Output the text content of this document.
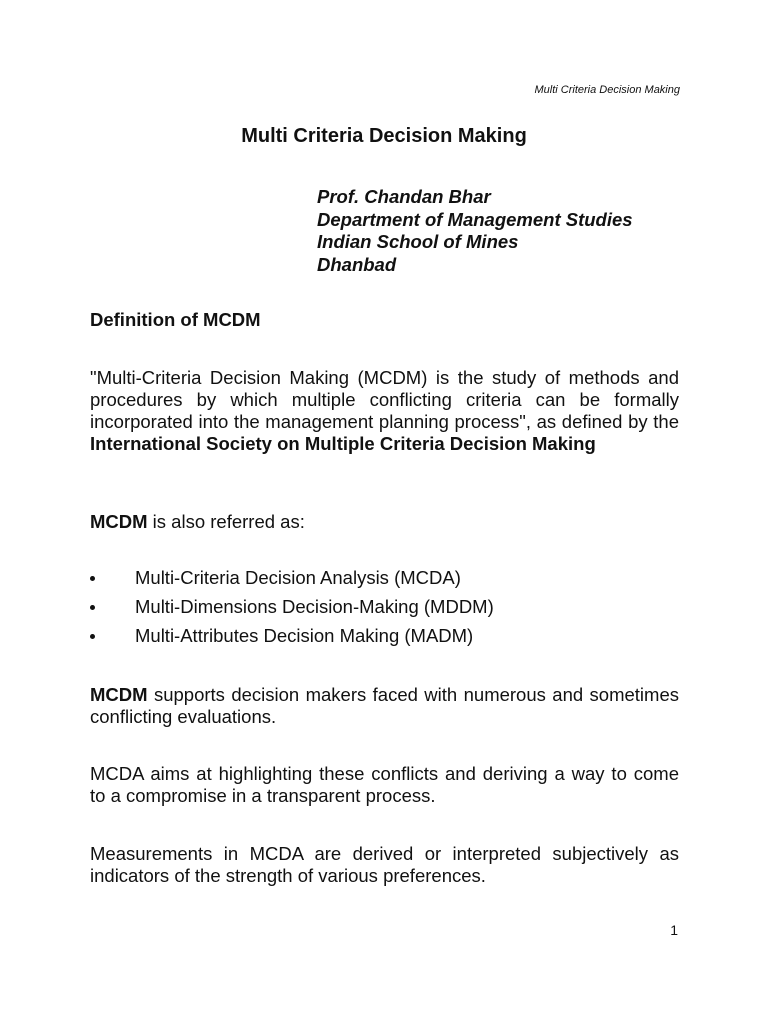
Multi Criteria Decision Making
Multi Criteria Decision Making
Prof. Chandan Bhar
Department of Management Studies
Indian School of Mines
Dhanbad
Definition of MCDM
"Multi-Criteria Decision Making (MCDM) is the study of methods and procedures by which multiple conflicting criteria can be formally incorporated into the management planning process", as defined by the International Society on Multiple Criteria Decision Making
MCDM is also referred as:
Multi-Criteria Decision Analysis (MCDA)
Multi-Dimensions Decision-Making (MDDM)
Multi-Attributes Decision Making (MADM)
MCDM supports decision makers faced with numerous and sometimes conflicting evaluations.
MCDA aims at highlighting these conflicts and deriving a way to come to a compromise in a transparent process.
Measurements in MCDA are derived or interpreted subjectively as indicators of the strength of various preferences.
1
